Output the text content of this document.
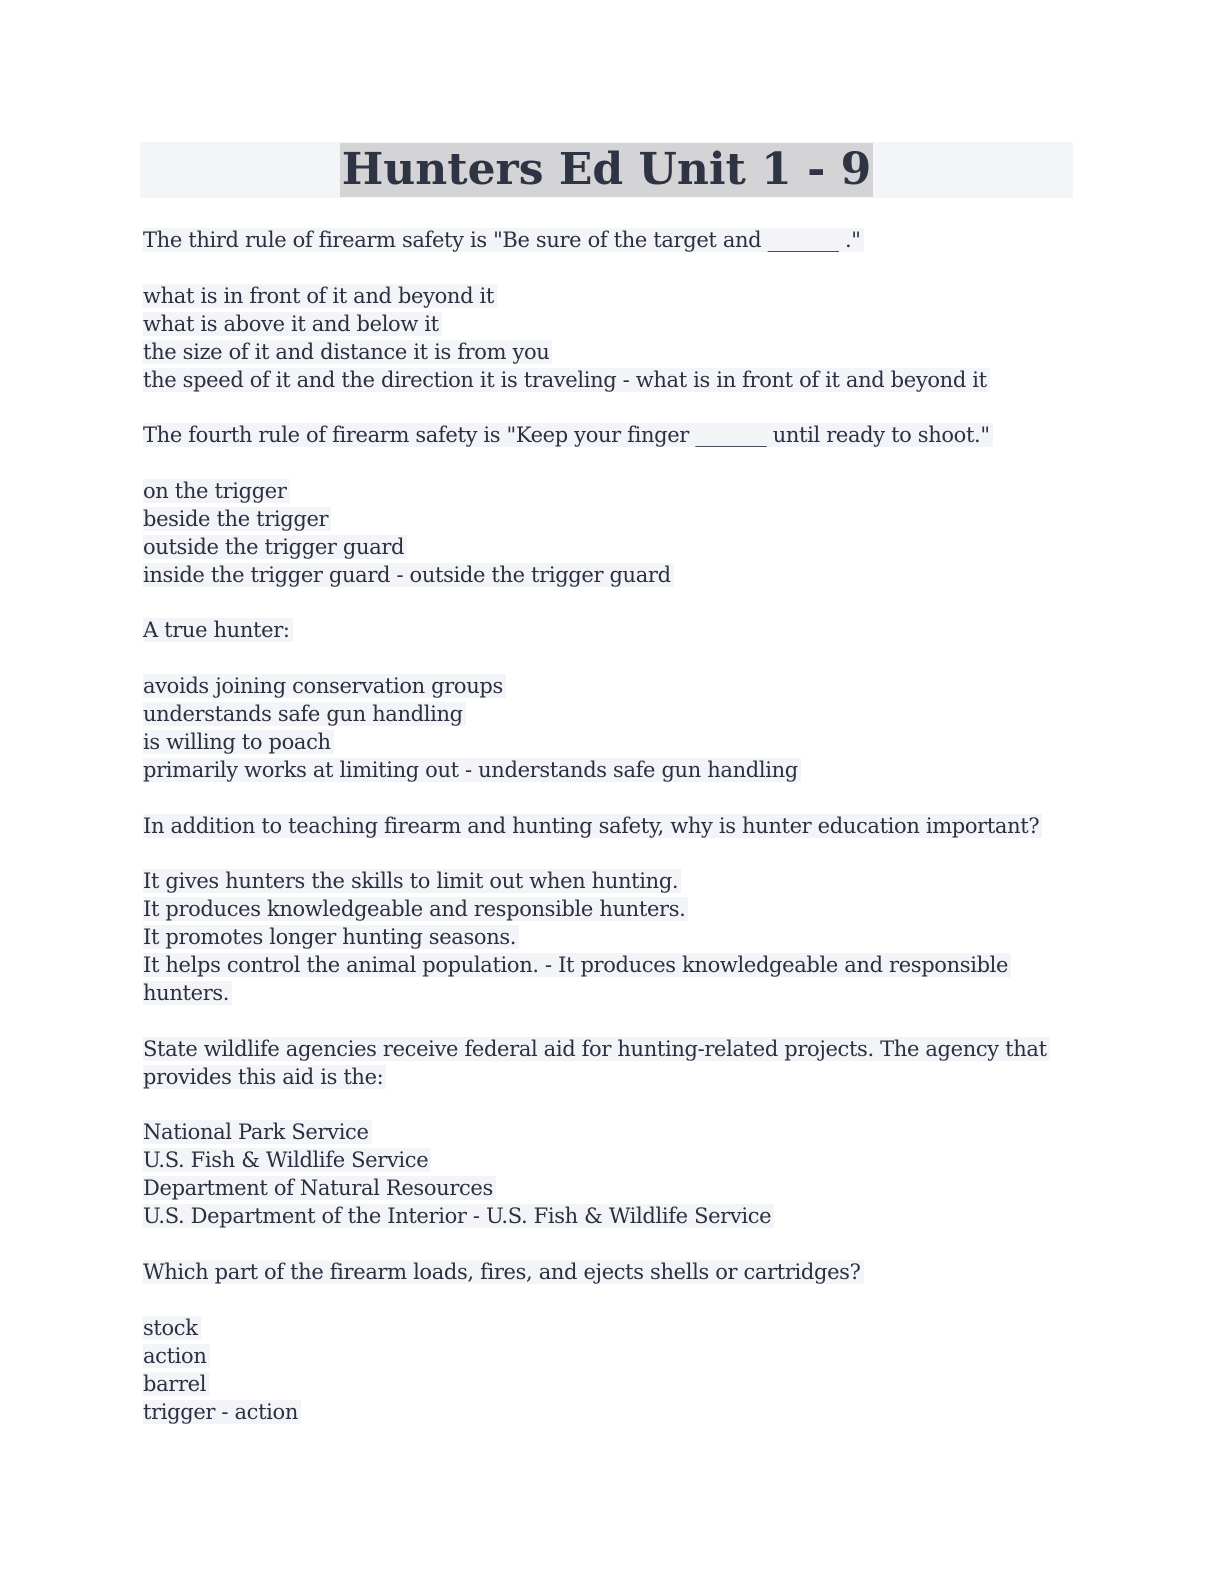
Hunters Ed Unit 1 - 9
The third rule of firearm safety is "Be sure of the target and _______ ."
what is in front of it and beyond it
what is above it and below it
the size of it and distance it is from you
the speed of it and the direction it is traveling - what is in front of it and beyond it
The fourth rule of firearm safety is "Keep your finger _______ until ready to shoot."
on the trigger
beside the trigger
outside the trigger guard
inside the trigger guard - outside the trigger guard
A true hunter:
avoids joining conservation groups
understands safe gun handling
is willing to poach
primarily works at limiting out - understands safe gun handling
In addition to teaching firearm and hunting safety, why is hunter education important?
It gives hunters the skills to limit out when hunting.
It produces knowledgeable and responsible hunters.
It promotes longer hunting seasons.
It helps control the animal population. - It produces knowledgeable and responsible
hunters.
State wildlife agencies receive federal aid for hunting-related projects. The agency that
provides this aid is the:
National Park Service
U.S. Fish & Wildlife Service
Department of Natural Resources
U.S. Department of the Interior - U.S. Fish & Wildlife Service
Which part of the firearm loads, fires, and ejects shells or cartridges?
stock
action
barrel
trigger - action
